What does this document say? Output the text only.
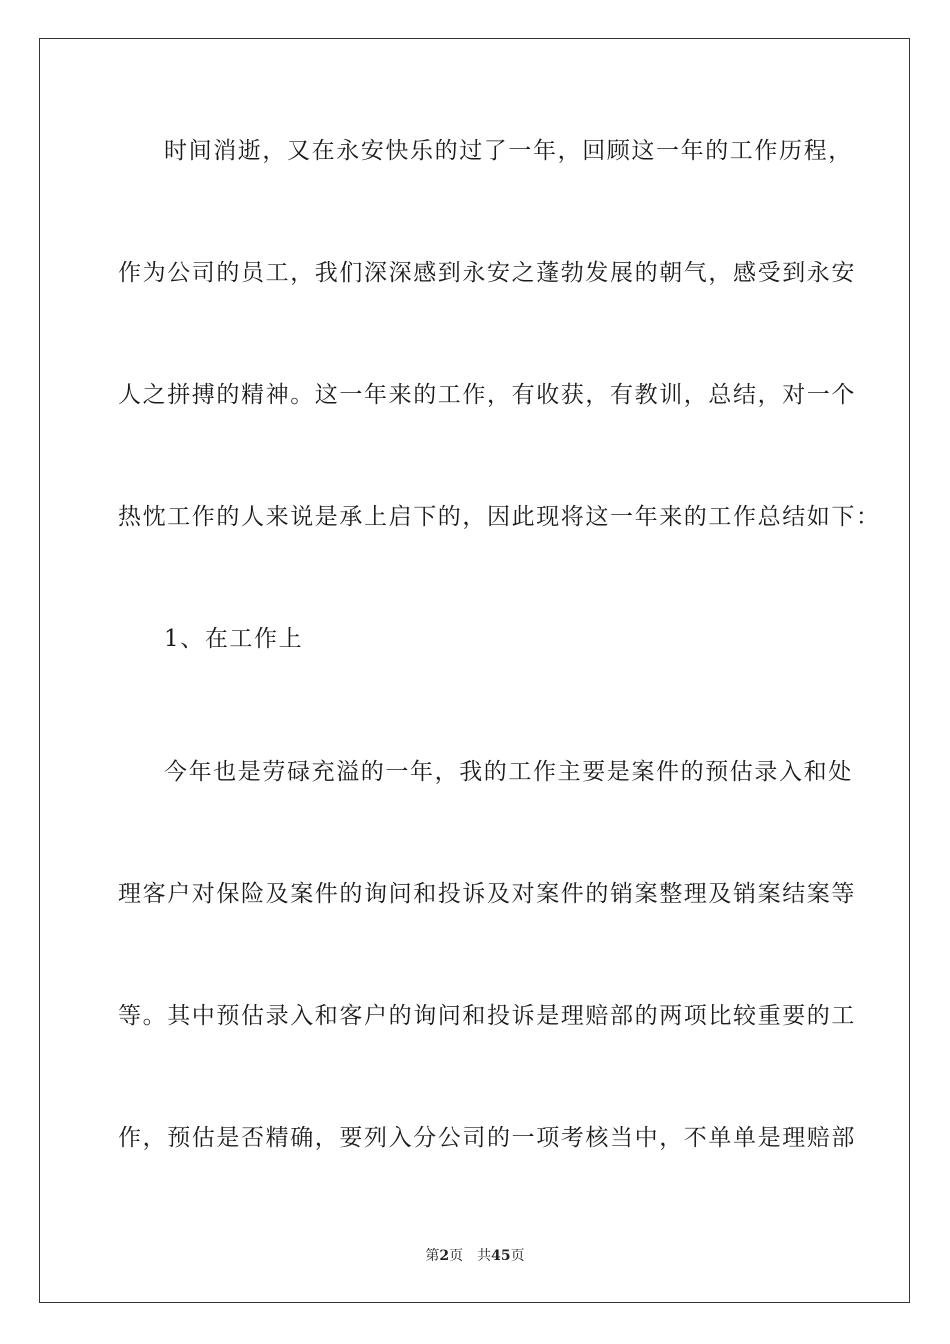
时间消逝，又在永安快乐的过了一年，回顾这一年的工作历程，
作为公司的员工，我们深深感到永安之蓬勃发展的朝气，感受到永安
人之拼搏的精神。这一年来的工作，有收获，有教训，总结，对一个
热忱工作的人来说是承上启下的，因此现将这一年来的工作总结如下：
1、在工作上
今年也是劳碌充溢的一年，我的工作主要是案件的预估录入和处
理客户对保险及案件的询问和投诉及对案件的销案整理及销案结案等
等。其中预估录入和客户的询问和投诉是理赔部的两项比较重要的工
作，预估是否精确，要列入分公司的一项考核当中，不单单是理赔部
第2页 共45页
